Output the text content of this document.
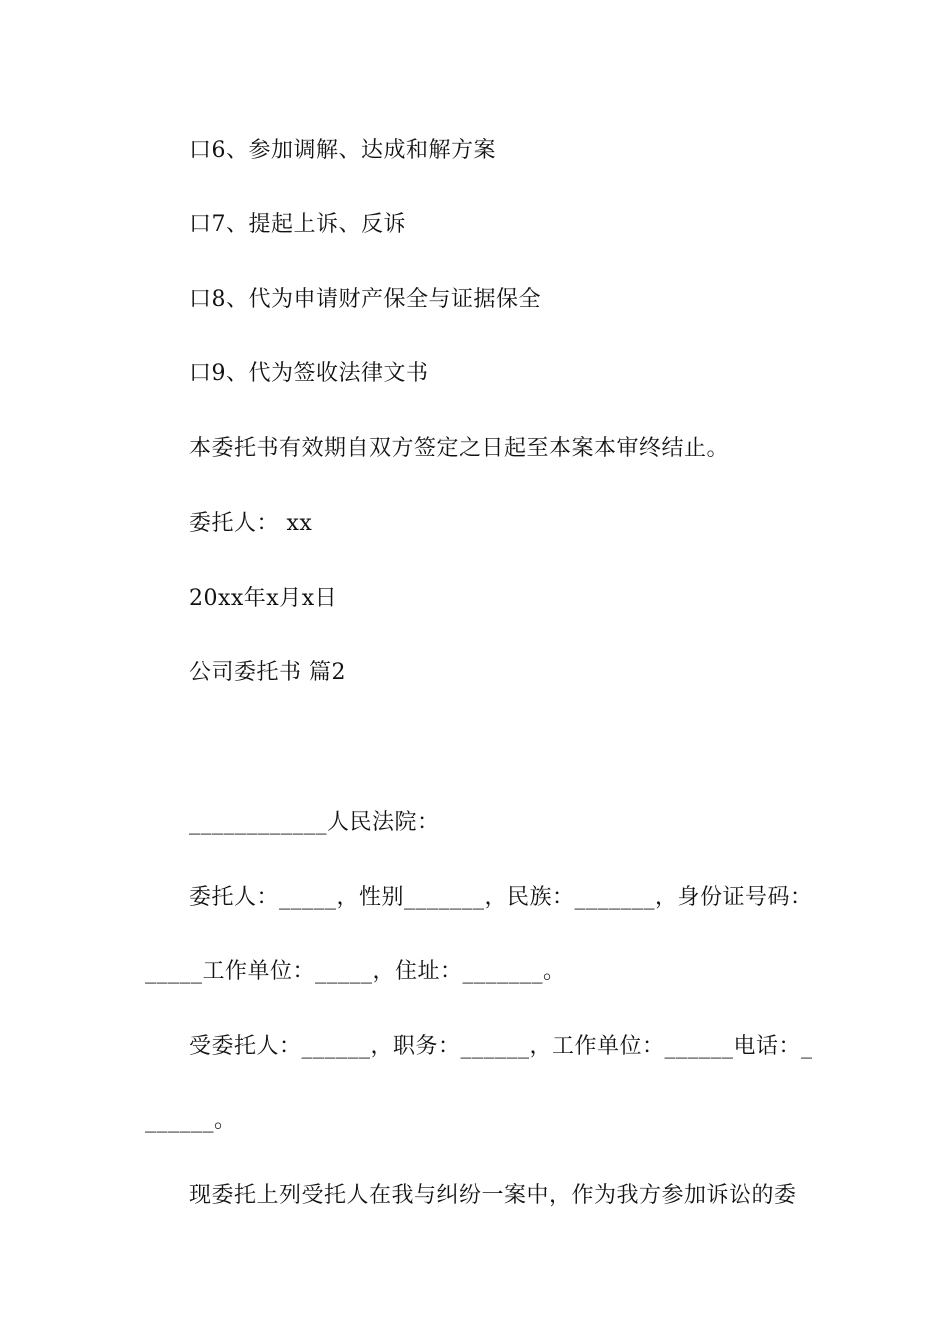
口6、参加调解、达成和解方案
口7、提起上诉、反诉
口8、代为申请财产保全与证据保全
口9、代为签收法律文书
本委托书有效期自双方签定之日起至本案本审终结止。
委托人： xx
20xx年x月x日
公司委托书 篇2
____________人民法院：
委托人：_____，性别_______，民族：_______，身份证号码：
_____工作单位：_____，住址：_______。
受委托人：______，职务：______，工作单位：______电话：_
______。
现委托上列受托人在我与纠纷一案中，作为我方参加诉讼的委
